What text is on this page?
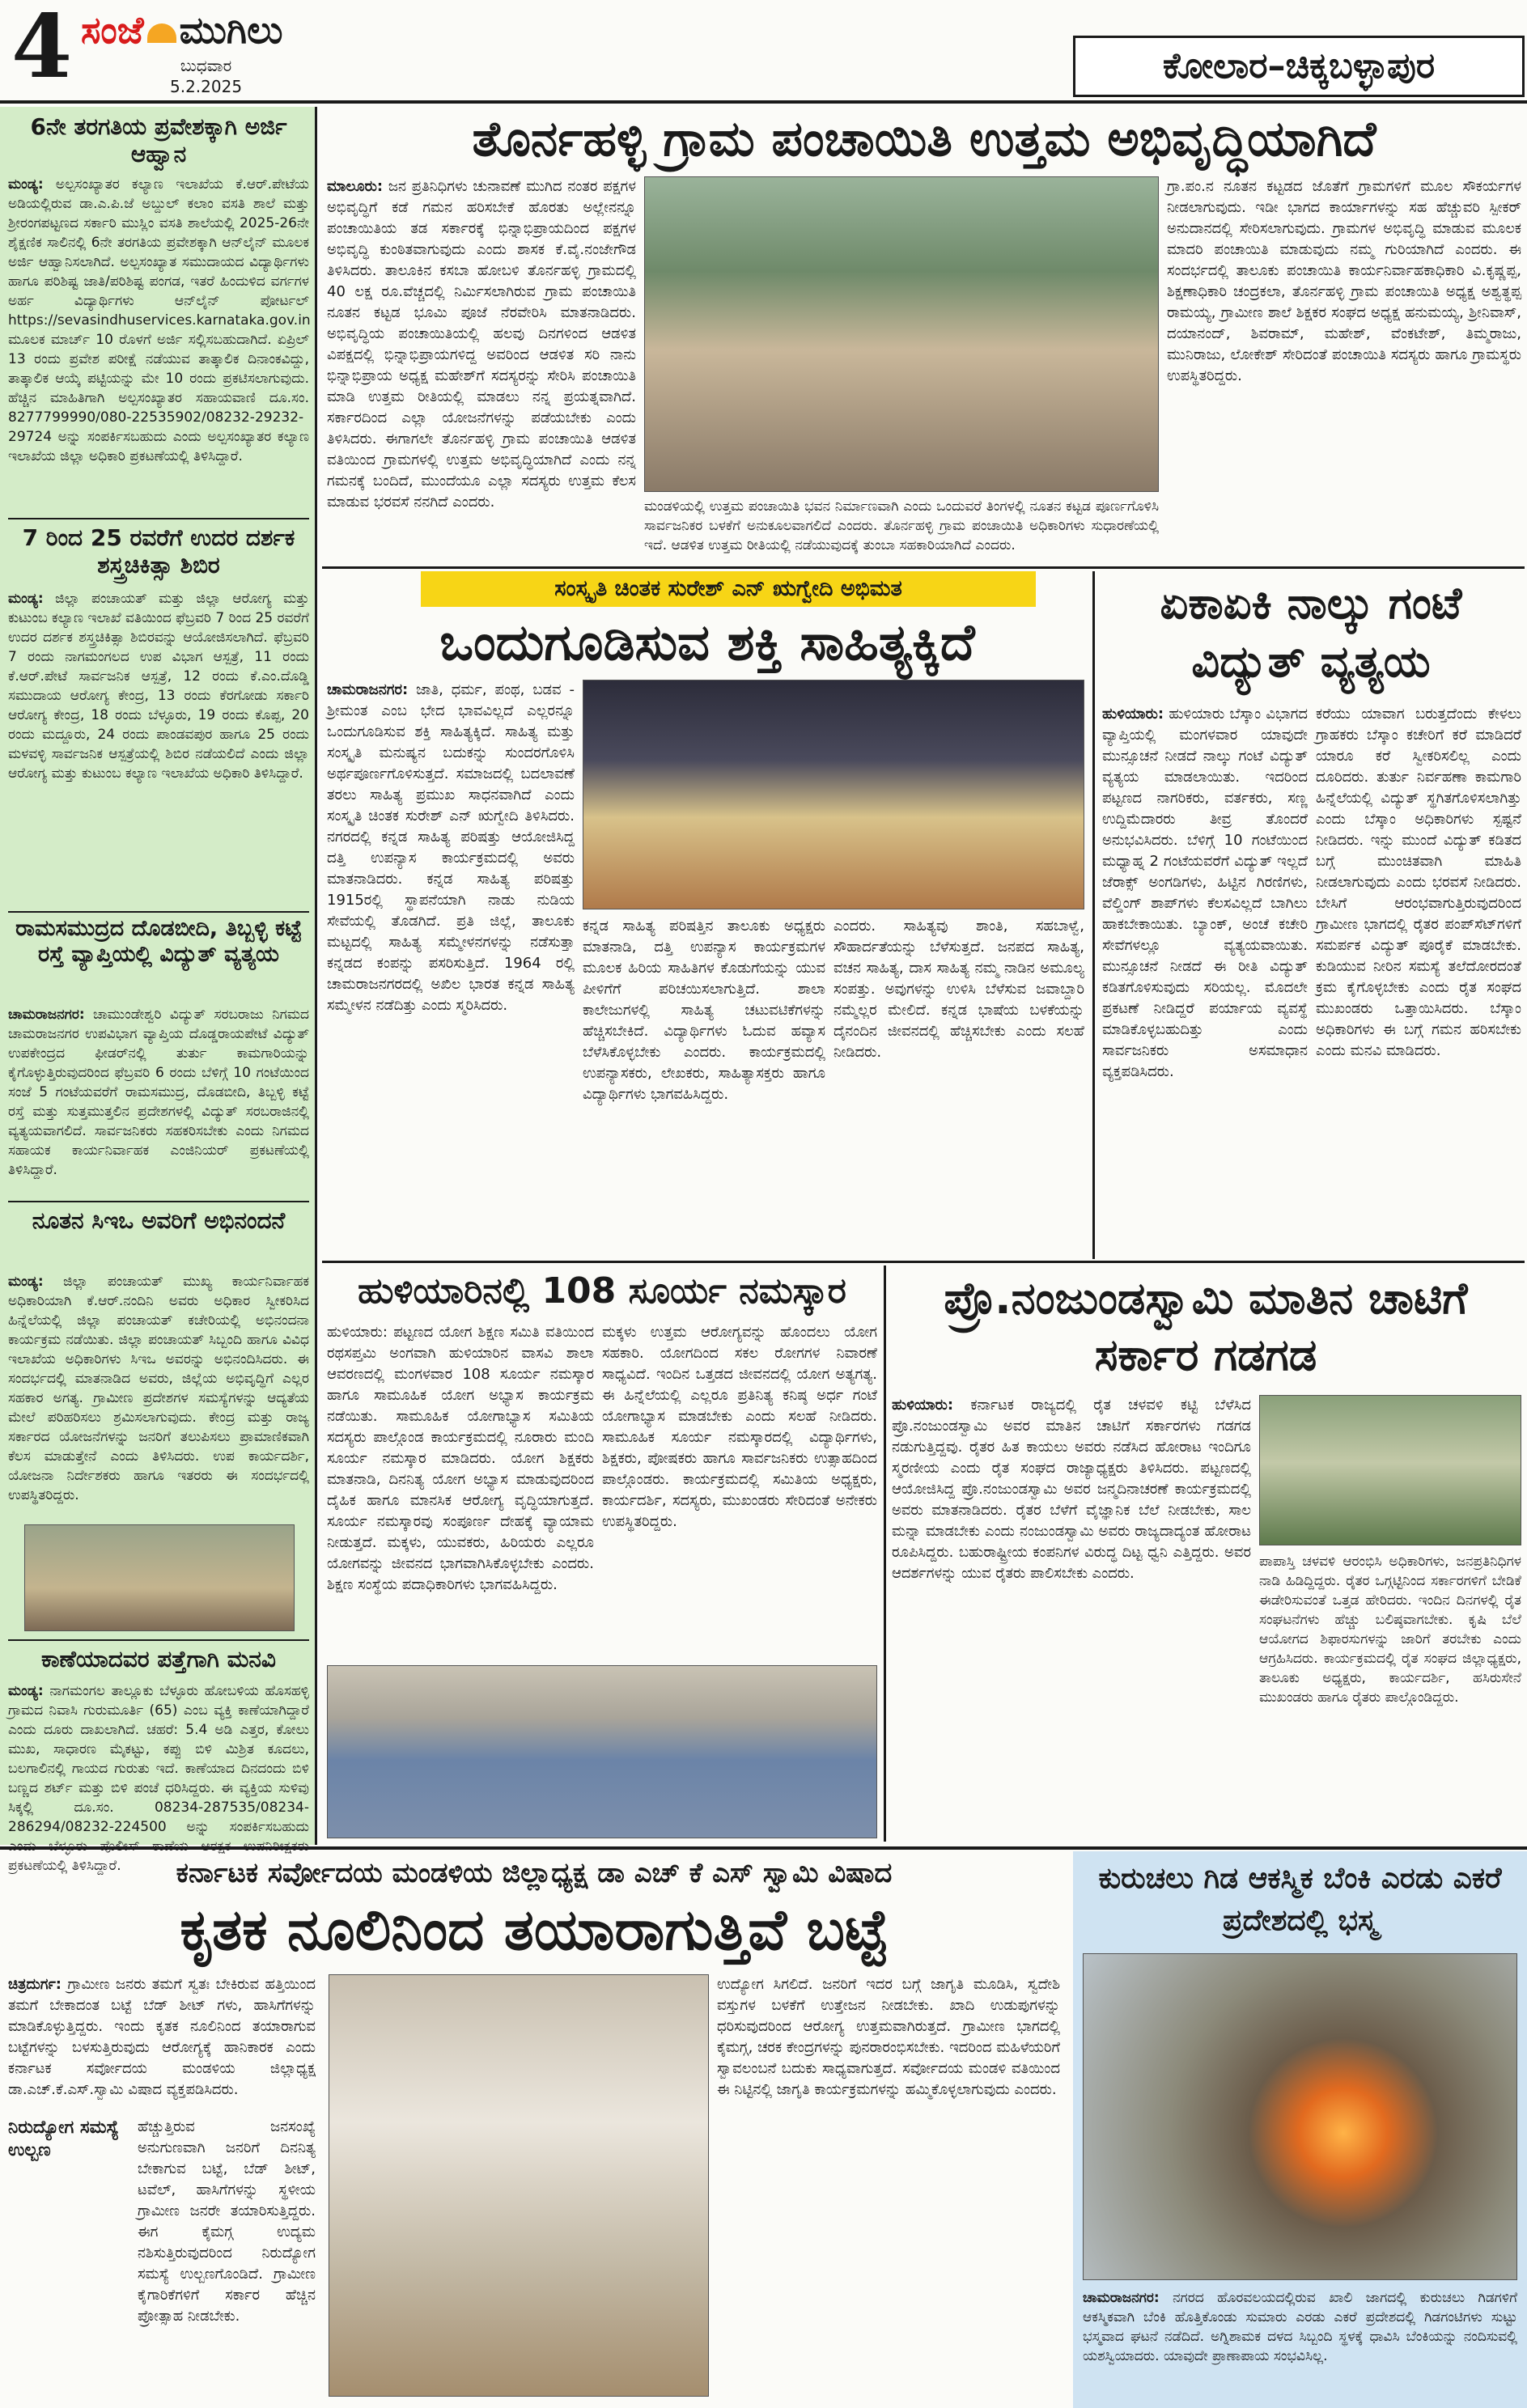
4 ಸಂಜೆ ಮುಗಿಲು
ಬುಧವಾರ
5.2.2025	ಕೋಲಾರ–ಚಿಕ್ಕಬಳ್ಳಾಪುರ
6ನೇ ತರಗತಿಯ ಪ್ರವೇಶಕ್ಕಾಗಿ ಅರ್ಜಿ ಆಹ್ವಾನ
ಮಂಡ್ಯ: ಅಲ್ಪಸಂಖ್ಯಾತರ ಕಲ್ಯಾಣ ಇಲಾಖೆಯ ಕೆ.ಆರ್.ಪೇಟೆಯ ಅಡಿಯಲ್ಲಿರುವ ಡಾ.ಎ.ಪಿ.ಜೆ ಅಬ್ದುಲ್ ಕಲಾಂ ವಸತಿ ಶಾಲೆ ಮತ್ತು ಶ್ರೀರಂಗಪಟ್ಟಣದ ಸರ್ಕಾರಿ ಮುಸ್ಲಿಂ ವಸತಿ ಶಾಲೆಯಲ್ಲಿ 2025-26ನೇ ಶೈಕ್ಷಣಿಕ ಸಾಲಿನಲ್ಲಿ 6ನೇ ತರಗತಿಯ ಪ್ರವೇಶಕ್ಕಾಗಿ ಆನ್‌ಲೈನ್ ಮೂಲಕ ಅರ್ಜಿ ಆಹ್ವಾನಿಸಲಾಗಿದೆ. ಅಲ್ಪಸಂಖ್ಯಾತ ಸಮುದಾಯದ ವಿದ್ಯಾರ್ಥಿಗಳು ಹಾಗೂ ಪರಿಶಿಷ್ಟ ಜಾತಿ/ಪರಿಶಿಷ್ಟ ಪಂಗಡ, ಇತರೆ ಹಿಂದುಳಿದ ವರ್ಗಗಳ ಅರ್ಹ ವಿದ್ಯಾರ್ಥಿಗಳು ಆನ್‌ಲೈನ್ ಪೋರ್ಟಲ್ https://sevasindhuservices.karnataka.gov.in ಮೂಲಕ ಮಾರ್ಚ್ 10 ರೊಳಗೆ ಅರ್ಜಿ ಸಲ್ಲಿಸಬಹುದಾಗಿದೆ. ಏಪ್ರಿಲ್ 13 ರಂದು ಪ್ರವೇಶ ಪರೀಕ್ಷೆ ನಡೆಯುವ ತಾತ್ಕಾಲಿಕ ದಿನಾಂಕವಿದ್ದು, ತಾತ್ಕಾಲಿಕ ಆಯ್ಕೆ ಪಟ್ಟಿಯನ್ನು ಮೇ 10 ರಂದು ಪ್ರಕಟಿಸಲಾಗುವುದು. ಹೆಚ್ಚಿನ ಮಾಹಿತಿಗಾಗಿ ಅಲ್ಪಸಂಖ್ಯಾತರ ಸಹಾಯವಾಣಿ ದೂ.ಸಂ. 8277799990/080-22535902/08232-29232-29724 ಅನ್ನು ಸಂಪರ್ಕಿಸಬಹುದು ಎಂದು ಅಲ್ಪಸಂಖ್ಯಾತರ ಕಲ್ಯಾಣ ಇಲಾಖೆಯ ಜಿಲ್ಲಾ ಅಧಿಕಾರಿ ಪ್ರಕಟಣೆಯಲ್ಲಿ ತಿಳಿಸಿದ್ದಾರೆ.
7 ರಿಂದ 25 ರವರೆಗೆ ಉದರ ದರ್ಶಕ ಶಸ್ತ್ರಚಿಕಿತ್ಸಾ ಶಿಬಿರ
ಮಂಡ್ಯ: ಜಿಲ್ಲಾ ಪಂಚಾಯತ್ ಮತ್ತು ಜಿಲ್ಲಾ ಆರೋಗ್ಯ ಮತ್ತು ಕುಟುಂಬ ಕಲ್ಯಾಣ ಇಲಾಖೆ ವತಿಯಿಂದ ಫೆಬ್ರವರಿ 7 ರಿಂದ 25 ರವರೆಗೆ ಉದರ ದರ್ಶಕ ಶಸ್ತ್ರಚಿಕಿತ್ಸಾ ಶಿಬಿರವನ್ನು ಆಯೋಜಿಸಲಾಗಿದೆ. ಫೆಬ್ರವರಿ 7 ರಂದು ನಾಗಮಂಗಲದ ಉಪ ವಿಭಾಗ ಆಸ್ಪತ್ರೆ, 11 ರಂದು ಕೆ.ಆರ್.ಪೇಟೆ ಸಾರ್ವಜನಿಕ ಆಸ್ಪತ್ರೆ, 12 ರಂದು ಕೆ.ಎಂ.ದೊಡ್ಡಿ ಸಮುದಾಯ ಆರೋಗ್ಯ ಕೇಂದ್ರ, 13 ರಂದು ಕೆರಗೋಡು ಸರ್ಕಾರಿ ಆರೋಗ್ಯ ಕೇಂದ್ರ, 18 ರಂದು ಬೆಳ್ಳೂರು, 19 ರಂದು ಕೊಪ್ಪ, 20 ರಂದು ಮದ್ದೂರು, 24 ರಂದು ಪಾಂಡವಪುರ ಹಾಗೂ 25 ರಂದು ಮಳವಳ್ಳಿ ಸಾರ್ವಜನಿಕ ಆಸ್ಪತ್ರೆಯಲ್ಲಿ ಶಿಬಿರ ನಡೆಯಲಿದೆ ಎಂದು ಜಿಲ್ಲಾ ಆರೋಗ್ಯ ಮತ್ತು ಕುಟುಂಬ ಕಲ್ಯಾಣ ಇಲಾಖೆಯ ಅಧಿಕಾರಿ ತಿಳಿಸಿದ್ದಾರೆ.
ರಾಮಸಮುದ್ರದ ದೊಡಬೀದಿ, ತಿಬ್ಬಳ್ಳಿ ಕಟ್ಟೆ ರಸ್ತೆ ವ್ಯಾಪ್ತಿಯಲ್ಲಿ ವಿದ್ಯುತ್ ವ್ಯತ್ಯಯ
ಚಾಮರಾಜನಗರ: ಚಾಮುಂಡೇಶ್ವರಿ ವಿದ್ಯುತ್ ಸರಬರಾಜು ನಿಗಮದ ಚಾಮರಾಜನಗರ ಉಪವಿಭಾಗ ವ್ಯಾಪ್ತಿಯ ದೊಡ್ಡರಾಯಪೇಟೆ ವಿದ್ಯುತ್ ಉಪಕೇಂದ್ರದ ಫೀಡರ್‌ನಲ್ಲಿ ತುರ್ತು ಕಾಮಗಾರಿಯನ್ನು ಕೈಗೊಳ್ಳುತ್ತಿರುವುದರಿಂದ ಫೆಬ್ರವರಿ 6 ರಂದು ಬೆಳಿಗ್ಗೆ 10 ಗಂಟೆಯಿಂದ ಸಂಜೆ 5 ಗಂಟೆಯವರೆಗೆ ರಾಮಸಮುದ್ರ, ದೊಡಬೀದಿ, ತಿಬ್ಬಳ್ಳಿ ಕಟ್ಟೆ ರಸ್ತೆ ಮತ್ತು ಸುತ್ತಮುತ್ತಲಿನ ಪ್ರದೇಶಗಳಲ್ಲಿ ವಿದ್ಯುತ್ ಸರಬರಾಜಿನಲ್ಲಿ ವ್ಯತ್ಯಯವಾಗಲಿದೆ. ಸಾರ್ವಜನಿಕರು ಸಹಕರಿಸಬೇಕು ಎಂದು ನಿಗಮದ ಸಹಾಯಕ ಕಾರ್ಯನಿರ್ವಾಹಕ ಎಂಜಿನಿಯರ್ ಪ್ರಕಟಣೆಯಲ್ಲಿ ತಿಳಿಸಿದ್ದಾರೆ.
ನೂತನ ಸಿಇಒ ಅವರಿಗೆ ಅಭಿನಂದನೆ
ಮಂಡ್ಯ: ಜಿಲ್ಲಾ ಪಂಚಾಯತ್ ಮುಖ್ಯ ಕಾರ್ಯನಿರ್ವಾಹಕ ಅಧಿಕಾರಿಯಾಗಿ ಕೆ.ಆರ್.ನಂದಿನಿ ಅವರು ಅಧಿಕಾರ ಸ್ವೀಕರಿಸಿದ ಹಿನ್ನೆಲೆಯಲ್ಲಿ ಜಿಲ್ಲಾ ಪಂಚಾಯತ್ ಕಚೇರಿಯಲ್ಲಿ ಅಭಿನಂದನಾ ಕಾರ್ಯಕ್ರಮ ನಡೆಯಿತು. ಜಿಲ್ಲಾ ಪಂಚಾಯತ್ ಸಿಬ್ಬಂದಿ ಹಾಗೂ ವಿವಿಧ ಇಲಾಖೆಯ ಅಧಿಕಾರಿಗಳು ಸಿಇಒ ಅವರನ್ನು ಅಭಿನಂದಿಸಿದರು. ಈ ಸಂದರ್ಭದಲ್ಲಿ ಮಾತನಾಡಿದ ಅವರು, ಜಿಲ್ಲೆಯ ಅಭಿವೃದ್ಧಿಗೆ ಎಲ್ಲರ ಸಹಕಾರ ಅಗತ್ಯ. ಗ್ರಾಮೀಣ ಪ್ರದೇಶಗಳ ಸಮಸ್ಯೆಗಳನ್ನು ಆದ್ಯತೆಯ ಮೇಲೆ ಪರಿಹರಿಸಲು ಶ್ರಮಿಸಲಾಗುವುದು. ಕೇಂದ್ರ ಮತ್ತು ರಾಜ್ಯ ಸರ್ಕಾರದ ಯೋಜನೆಗಳನ್ನು ಜನರಿಗೆ ತಲುಪಿಸಲು ಪ್ರಾಮಾಣಿಕವಾಗಿ ಕೆಲಸ ಮಾಡುತ್ತೇನೆ ಎಂದು ತಿಳಿಸಿದರು. ಉಪ ಕಾರ್ಯದರ್ಶಿ, ಯೋಜನಾ ನಿರ್ದೇಶಕರು ಹಾಗೂ ಇತರರು ಈ ಸಂದರ್ಭದಲ್ಲಿ ಉಪಸ್ಥಿತರಿದ್ದರು.
ಕಾಣೆಯಾದವರ ಪತ್ತೆಗಾಗಿ ಮನವಿ
ಮಂಡ್ಯ: ನಾಗಮಂಗಲ ತಾಲ್ಲೂಕು ಬೆಳ್ಳೂರು ಹೋಬಳಿಯ ಹೊಸಹಳ್ಳಿ ಗ್ರಾಮದ ನಿವಾಸಿ ಗುರುಮೂರ್ತಿ (65) ಎಂಬ ವ್ಯಕ್ತಿ ಕಾಣೆಯಾಗಿದ್ದಾರೆ ಎಂದು ದೂರು ದಾಖಲಾಗಿದೆ. ಚಹರೆ: 5.4 ಅಡಿ ಎತ್ತರ, ಕೋಲು ಮುಖ, ಸಾಧಾರಣ ಮೈಕಟ್ಟು, ಕಪ್ಪು ಬಿಳಿ ಮಿಶ್ರಿತ ಕೂದಲು, ಬಲಗಾಲಿನಲ್ಲಿ ಗಾಯದ ಗುರುತು ಇದೆ. ಕಾಣೆಯಾದ ದಿನದಂದು ಬಿಳಿ ಬಣ್ಣದ ಶರ್ಟ್ ಮತ್ತು ಬಿಳಿ ಪಂಚೆ ಧರಿಸಿದ್ದರು. ಈ ವ್ಯಕ್ತಿಯ ಸುಳಿವು ಸಿಕ್ಕಲ್ಲಿ ದೂ.ಸಂ. 08234-287535/08234-286294/08232-224500 ಅನ್ನು ಸಂಪರ್ಕಿಸಬಹುದು ಪ್ರಕಟಣೆಯಲ್ಲಿ ತಿಳಿಸಿದ್ದಾರೆ.
ತೊರ್ನಹಳ್ಳಿ ಗ್ರಾಮ ಪಂಚಾಯಿತಿ ಉತ್ತಮ ಅಭಿವೃದ್ಧಿಯಾಗಿದೆ
ಮಾಲೂರು: ಜನ ಪ್ರತಿನಿಧಿಗಳು ಚುನಾವಣೆ ಮುಗಿದ ನಂತರ ಪಕ್ಷಗಳ ಅಭಿವೃದ್ಧಿಗೆ ಕಡೆ ಗಮನ ಹರಿಸಬೇಕೆ ಹೊರತು ಅಲ್ಲೇನನ್ನೂ ಪಂಚಾಯಿತಿಯ ತಡ ಸರ್ಕಾರಕ್ಕೆ ಭಿನ್ನಾಭಿಪ್ರಾಯದಿಂದ ಪಕ್ಷಗಳ ಅಭಿವೃದ್ಧಿ ಕುಂಠಿತವಾಗುವುದು ಎಂದು ಶಾಸಕ ಕೆ.ವೈ.ನಂಜೇಗೌಡ ತಿಳಿಸಿದರು. ತಾಲೂಕಿನ ಕಸಬಾ ಹೋಬಳಿ ತೊರ್ನಹಳ್ಳಿ ಗ್ರಾಮದಲ್ಲಿ 40 ಲಕ್ಷ ರೂ.ವೆಚ್ಚದಲ್ಲಿ ನಿರ್ಮಿಸಲಾಗಿರುವ ಗ್ರಾಮ ಪಂಚಾಯಿತಿ ನೂತನ ಕಟ್ಟಡ ಭೂಮಿ ಪೂಜೆ ನೆರವೇರಿಸಿ ಮಾತನಾಡಿದರು. ಅಭಿವೃದ್ಧಿಯ ಪಂಚಾಯಿತಿಯಲ್ಲಿ ಹಲವು ದಿನಗಳಿಂದ ಆಡಳಿತ ವಿಪಕ್ಷದಲ್ಲಿ ಭಿನ್ನಾಭಿಪ್ರಾಯಗಳಿದ್ದ ಅವರಿಂದ ಆಡಳಿತ ಸರಿ ನಾನು ಭಿನ್ನಾಭಿಪ್ರಾಯ ಅಧ್ಯಕ್ಷ ಮಹೇಶ್‌ಗೆ ಸದಸ್ಯರನ್ನು ಸೇರಿಸಿ ಪಂಚಾಯಿತಿ ಮಾಡಿ ಉತ್ತಮ ರೀತಿಯಲ್ಲಿ ಮಾಡಲು ನನ್ನ ಪ್ರಯತ್ನವಾಗಿದೆ. ಸರ್ಕಾರದಿಂದ ಎಲ್ಲಾ ಯೋಜನೆಗಳನ್ನು ಪಡೆಯಬೇಕು ಎಂದು ತಿಳಿಸಿದರು. ಈಗಾಗಲೇ ತೊರ್ನಹಳ್ಳಿ ಗ್ರಾಮ ಪಂಚಾಯಿತಿ ಆಡಳಿತ ವತಿಯಿಂದ ಗ್ರಾಮಗಳಲ್ಲಿ ಉತ್ತಮ ಅಭಿವೃದ್ಧಿಯಾಗಿದೆ ಎಂದು ನನ್ನ ಗಮನಕ್ಕೆ ಬಂದಿದೆ, ಮುಂದೆಯೂ ಎಲ್ಲಾ ಸದಸ್ಯರು ಉತ್ತಮ ಕೆಲಸ ಮಾಡುವ ಭರವಸೆ ನನಗಿದೆ ಎಂದರು.	ಮಂಡಳಿಯಲ್ಲಿ ಉತ್ತಮ ಪಂಚಾಯಿತಿ ಭವನ ನಿರ್ಮಾಣವಾಗಿ ಎಂದು ಒಂದುವರೆ ತಿಂಗಳಲ್ಲಿ ನೂತನ ಕಟ್ಟಡ ಪೂರ್ಣಗೊಳಿಸಿ ಸಾರ್ವಜನಿಕರ ಬಳಕೆಗೆ ಅನುಕೂಲವಾಗಲಿದೆ ಎಂದರು. ತೊರ್ನಹಳ್ಳಿ ಗ್ರಾಮ ಪಂಚಾಯಿತಿ ಅಧಿಕಾರಿಗಳು ಸುಧಾರಣೆಯಲ್ಲಿ ಇದೆ. ಆಡಳಿತ ಉತ್ತಮ ರೀತಿಯಲ್ಲಿ ನಡೆಯುವುದಕ್ಕೆ ತುಂಬಾ ಸಹಕಾರಿಯಾಗಿದೆ ಎಂದರು.
ಗ್ರಾ.ಪಂ.ನ ನೂತನ ಕಟ್ಟಡದ ಜೊತೆಗೆ ಗ್ರಾಮಗಳಿಗೆ ಮೂಲ ಸೌಕರ್ಯಗಳ ನೀಡಲಾಗುವುದು. ಇಡೀ ಭಾಗದ ಕಾರ್ಯಾಗಳನ್ನು ಸಹ ಹೆಚ್ಚುವರಿ ಸ್ಪೀಕರ್ ಅನುದಾನದಲ್ಲಿ ಸೇರಿಸಲಾಗುವುದು. ಗ್ರಾಮಗಳ ಅಭಿವೃದ್ಧಿ ಮಾಡುವ ಮೂಲಕ ಮಾದರಿ ಪಂಚಾಯಿತಿ ಮಾಡುವುದು ನಮ್ಮ ಗುರಿಯಾಗಿದೆ ಎಂದರು. ಈ ಸಂದರ್ಭದಲ್ಲಿ ತಾಲೂಕು ಪಂಚಾಯಿತಿ ಕಾರ್ಯನಿರ್ವಾಹಕಾಧಿಕಾರಿ ವಿ.ಕೃಷ್ಣಪ್ಪ, ಶಿಕ್ಷಣಾಧಿಕಾರಿ ಚಂದ್ರಕಲಾ, ತೊರ್ನಹಳ್ಳಿ ಗ್ರಾಮ ಪಂಚಾಯಿತಿ ಅಧ್ಯಕ್ಷ ಅಶ್ವತ್ಥಪ್ಪ ರಾಮಯ್ಯ, ಗ್ರಾಮೀಣ ಶಾಲೆ ಶಿಕ್ಷಕರ ಸಂಘದ ಅಧ್ಯಕ್ಷ ಹನುಮಯ್ಯ, ಶ್ರೀನಿವಾಸ್, ದಯಾನಂದ್, ಶಿವರಾಮ್, ಮಹೇಶ್, ವೆಂಕಟೇಶ್, ತಿಮ್ಮರಾಜು, ಮುನಿರಾಜು, ಲೋಕೇಶ್ ಸೇರಿದಂತೆ ಪಂಚಾಯಿತಿ ಸದಸ್ಯರು ಹಾಗೂ ಗ್ರಾಮಸ್ಥರು ಉಪಸ್ಥಿತರಿದ್ದರು.
ಸಂಸ್ಕೃತಿ ಚಿಂತಕ ಸುರೇಶ್ ಎನ್ ಋಗ್ವೇದಿ ಅಭಿಮತ
ಒಂದುಗೂಡಿಸುವ ಶಕ್ತಿ ಸಾಹಿತ್ಯಕ್ಕಿದೆ
ಚಾಮರಾಜನಗರ: ಜಾತಿ, ಧರ್ಮ, ಪಂಥ, ಬಡವ - ಶ್ರೀಮಂತ ಎಂಬ ಭೇದ ಭಾವವಿಲ್ಲದೆ ಎಲ್ಲರನ್ನೂ ಒಂದುಗೂಡಿಸುವ ಶಕ್ತಿ ಸಾಹಿತ್ಯಕ್ಕಿದೆ. ಸಾಹಿತ್ಯ ಮತ್ತು ಸಂಸ್ಕೃತಿ ಮನುಷ್ಯನ ಬದುಕನ್ನು ಸುಂದರಗೊಳಿಸಿ ಅರ್ಥಪೂರ್ಣಗೊಳಿಸುತ್ತದೆ. ಸಮಾಜದಲ್ಲಿ ಬದಲಾವಣೆ ತರಲು ಸಾಹಿತ್ಯ ಪ್ರಮುಖ ಸಾಧನವಾಗಿದೆ ಎಂದು ಸಂಸ್ಕೃತಿ ಚಿಂತಕ ಸುರೇಶ್ ಎನ್ ಋಗ್ವೇದಿ ತಿಳಿಸಿದರು. ನಗರದಲ್ಲಿ ಕನ್ನಡ ಸಾಹಿತ್ಯ ಪರಿಷತ್ತು ಆಯೋಜಿಸಿದ್ದ ದತ್ತಿ ಉಪನ್ಯಾಸ ಕಾರ್ಯಕ್ರಮದಲ್ಲಿ ಅವರು ಮಾತನಾಡಿದರು. ಕನ್ನಡ ಸಾಹಿತ್ಯ ಪರಿಷತ್ತು 1915ರಲ್ಲಿ ಸ್ಥಾಪನೆಯಾಗಿ ನಾಡು ನುಡಿಯ ಸೇವೆಯಲ್ಲಿ ತೊಡಗಿದೆ. ಪ್ರತಿ ಜಿಲ್ಲೆ, ತಾಲೂಕು ಮಟ್ಟದಲ್ಲಿ ಸಾಹಿತ್ಯ ಸಮ್ಮೇಳನಗಳನ್ನು ನಡೆಸುತ್ತಾ ಕನ್ನಡದ ಕಂಪನ್ನು ಪಸರಿಸುತ್ತಿದೆ. 1964 ರಲ್ಲಿ ಚಾಮರಾಜನಗರದಲ್ಲಿ ಅಖಿಲ ಭಾರತ ಕನ್ನಡ ಸಾಹಿತ್ಯ ಸಮ್ಮೇಳನ ನಡೆದಿತ್ತು ಎಂದು ಸ್ಮರಿಸಿದರು.
ಕನ್ನಡ ಸಾಹಿತ್ಯ ಪರಿಷತ್ತಿನ ತಾಲೂಕು ಅಧ್ಯಕ್ಷರು ಮಾತನಾಡಿ, ದತ್ತಿ ಉಪನ್ಯಾಸ ಕಾರ್ಯಕ್ರಮಗಳ ಮೂಲಕ ಹಿರಿಯ ಸಾಹಿತಿಗಳ ಕೊಡುಗೆಯನ್ನು ಯುವ ಪೀಳಿಗೆಗೆ ಪರಿಚಯಿಸಲಾಗುತ್ತಿದೆ. ಶಾಲಾ ಕಾಲೇಜುಗಳಲ್ಲಿ ಸಾಹಿತ್ಯ ಚಟುವಟಿಕೆಗಳನ್ನು ಹೆಚ್ಚಿಸಬೇಕಿದೆ. ವಿದ್ಯಾರ್ಥಿಗಳು ಓದುವ ಹವ್ಯಾಸ ಬೆಳೆಸಿಕೊಳ್ಳಬೇಕು ಎಂದರು. ಕಾರ್ಯಕ್ರಮದಲ್ಲಿ ಉಪನ್ಯಾಸಕರು, ಲೇಖಕರು, ಸಾಹಿತ್ಯಾಸಕ್ತರು ಹಾಗೂ ವಿದ್ಯಾರ್ಥಿಗಳು ಭಾಗವಹಿಸಿದ್ದರು.
ಎಂದರು. ಸಾಹಿತ್ಯವು ಶಾಂತಿ, ಸಹಬಾಳ್ವೆ, ಸೌಹಾರ್ದತೆಯನ್ನು ಬೆಳೆಸುತ್ತದೆ. ಜನಪದ ಸಾಹಿತ್ಯ, ವಚನ ಸಾಹಿತ್ಯ, ದಾಸ ಸಾಹಿತ್ಯ ನಮ್ಮ ನಾಡಿನ ಅಮೂಲ್ಯ ಸಂಪತ್ತು. ಅವುಗಳನ್ನು ಉಳಿಸಿ ಬೆಳೆಸುವ ಜವಾಬ್ದಾರಿ ನಮ್ಮೆಲ್ಲರ ಮೇಲಿದೆ. ಕನ್ನಡ ಭಾಷೆಯ ಬಳಕೆಯನ್ನು ದೈನಂದಿನ ಜೀವನದಲ್ಲಿ ಹೆಚ್ಚಿಸಬೇಕು ಎಂದು ಸಲಹೆ ನೀಡಿದರು.
ಏಕಾಏಕಿ ನಾಲ್ಕು ಗಂಟೆ ವಿದ್ಯುತ್ ವ್ಯತ್ಯಯ
ಹುಳಿಯಾರು: ಹುಳಿಯಾರು ಬೆಸ್ಕಾಂ ವಿಭಾಗದ ವ್ಯಾಪ್ತಿಯಲ್ಲಿ ಮಂಗಳವಾರ ಯಾವುದೇ ಮುನ್ಸೂಚನೆ ನೀಡದೆ ನಾಲ್ಕು ಗಂಟೆ ವಿದ್ಯುತ್ ವ್ಯತ್ಯಯ ಮಾಡಲಾಯಿತು. ಇದರಿಂದ ಪಟ್ಟಣದ ನಾಗರಿಕರು, ವರ್ತಕರು, ಸಣ್ಣ ಉದ್ದಿಮೆದಾರರು ತೀವ್ರ ತೊಂದರೆ ಅನುಭವಿಸಿದರು. ಬೆಳಿಗ್ಗೆ 10 ಗಂಟೆಯಿಂದ ಮಧ್ಯಾಹ್ನ 2 ಗಂಟೆಯವರೆಗೆ ವಿದ್ಯುತ್ ಇಲ್ಲದೆ ಜೆರಾಕ್ಸ್ ಅಂಗಡಿಗಳು, ಹಿಟ್ಟಿನ ಗಿರಣಿಗಳು, ವೆಲ್ಡಿಂಗ್ ಶಾಪ್‌ಗಳು ಕೆಲಸವಿಲ್ಲದೆ ಬಾಗಿಲು ಹಾಕಬೇಕಾಯಿತು. ಬ್ಯಾಂಕ್, ಅಂಚೆ ಕಚೇರಿ ಸೇವೆಗಳಲ್ಲೂ ವ್ಯತ್ಯಯವಾಯಿತು. ಮುನ್ಸೂಚನೆ ನೀಡದೆ ಈ ರೀತಿ ವಿದ್ಯುತ್ ಕಡಿತಗೊಳಿಸುವುದು ಸರಿಯಲ್ಲ. ಮೊದಲೇ ಪ್ರಕಟಣೆ ನೀಡಿದ್ದರೆ ಪರ್ಯಾಯ ವ್ಯವಸ್ಥೆ ಮಾಡಿಕೊಳ್ಳಬಹುದಿತ್ತು ಎಂದು ಸಾರ್ವಜನಿಕರು ಅಸಮಾಧಾನ ವ್ಯಕ್ತಪಡಿಸಿದರು.
ಕರೆಯು ಯಾವಾಗ ಬರುತ್ತದೆಂದು ಕೇಳಲು ಗ್ರಾಹಕರು ಬೆಸ್ಕಾಂ ಕಚೇರಿಗೆ ಕರೆ ಮಾಡಿದರೆ ಯಾರೂ ಕರೆ ಸ್ವೀಕರಿಸಲಿಲ್ಲ ಎಂದು ದೂರಿದರು. ತುರ್ತು ನಿರ್ವಹಣಾ ಕಾಮಗಾರಿ ಹಿನ್ನೆಲೆಯಲ್ಲಿ ವಿದ್ಯುತ್ ಸ್ಥಗಿತಗೊಳಿಸಲಾಗಿತ್ತು ಎಂದು ಬೆಸ್ಕಾಂ ಅಧಿಕಾರಿಗಳು ಸ್ಪಷ್ಟನೆ ನೀಡಿದರು. ಇನ್ನು ಮುಂದೆ ವಿದ್ಯುತ್ ಕಡಿತದ ಬಗ್ಗೆ ಮುಂಚಿತವಾಗಿ ಮಾಹಿತಿ ನೀಡಲಾಗುವುದು ಎಂದು ಭರವಸೆ ನೀಡಿದರು. ಬೇಸಿಗೆ ಆರಂಭವಾಗುತ್ತಿರುವುದರಿಂದ ಗ್ರಾಮೀಣ ಭಾಗದಲ್ಲಿ ರೈತರ ಪಂಪ್‌ಸೆಟ್‌ಗಳಿಗೆ ಸಮರ್ಪಕ ವಿದ್ಯುತ್ ಪೂರೈಕೆ ಮಾಡಬೇಕು. ಕುಡಿಯುವ ನೀರಿನ ಸಮಸ್ಯೆ ತಲೆದೋರದಂತೆ ಕ್ರಮ ಕೈಗೊಳ್ಳಬೇಕು ಎಂದು ರೈತ ಸಂಘದ ಮುಖಂಡರು ಒತ್ತಾಯಿಸಿದರು. ಬೆಸ್ಕಾಂ ಅಧಿಕಾರಿಗಳು ಈ ಬಗ್ಗೆ ಗಮನ ಹರಿಸಬೇಕು ಎಂದು ಮನವಿ ಮಾಡಿದರು.
ಹುಳಿಯಾರಿನಲ್ಲಿ 108 ಸೂರ್ಯ ನಮಸ್ಕಾರ
ಹುಳಿಯಾರು: ಪಟ್ಟಣದ ಯೋಗ ಶಿಕ್ಷಣ ಸಮಿತಿ ವತಿಯಿಂದ ರಥಸಪ್ತಮಿ ಅಂಗವಾಗಿ ಹುಳಿಯಾರಿನ ವಾಸವಿ ಶಾಲಾ ಆವರಣದಲ್ಲಿ ಮಂಗಳವಾರ 108 ಸೂರ್ಯ ನಮಸ್ಕಾರ ಹಾಗೂ ಸಾಮೂಹಿಕ ಯೋಗ ಅಭ್ಯಾಸ ಕಾರ್ಯಕ್ರಮ ನಡೆಯಿತು. ಸಾಮೂಹಿಕ ಯೋಗಾಭ್ಯಾಸ ಸಮಿತಿಯ ಸದಸ್ಯರು ಪಾಲ್ಗೊಂಡ ಕಾರ್ಯಕ್ರಮದಲ್ಲಿ ನೂರಾರು ಮಂದಿ ಸೂರ್ಯ ನಮಸ್ಕಾರ ಮಾಡಿದರು. ಯೋಗ ಶಿಕ್ಷಕರು ಮಾತನಾಡಿ, ದಿನನಿತ್ಯ ಯೋಗ ಅಭ್ಯಾಸ ಮಾಡುವುದರಿಂದ ದೈಹಿಕ ಹಾಗೂ ಮಾನಸಿಕ ಆರೋಗ್ಯ ವೃದ್ಧಿಯಾಗುತ್ತದೆ. ಸೂರ್ಯ ನಮಸ್ಕಾರವು ಸಂಪೂರ್ಣ ದೇಹಕ್ಕೆ ವ್ಯಾಯಾಮ ನೀಡುತ್ತದೆ. ಮಕ್ಕಳು, ಯುವಕರು, ಹಿರಿಯರು ಎಲ್ಲರೂ ಯೋಗವನ್ನು ಜೀವನದ ಭಾಗವಾಗಿಸಿಕೊಳ್ಳಬೇಕು ಎಂದರು. ಶಿಕ್ಷಣ ಸಂಸ್ಥೆಯ ಪದಾಧಿಕಾರಿಗಳು ಭಾಗವಹಿಸಿದ್ದರು.
ಮಕ್ಕಳು ಉತ್ತಮ ಆರೋಗ್ಯವನ್ನು ಹೊಂದಲು ಯೋಗ ಸಹಕಾರಿ. ಯೋಗದಿಂದ ಸಕಲ ರೋಗಗಳ ನಿವಾರಣೆ ಸಾಧ್ಯವಿದೆ. ಇಂದಿನ ಒತ್ತಡದ ಜೀವನದಲ್ಲಿ ಯೋಗ ಅತ್ಯಗತ್ಯ. ಈ ಹಿನ್ನೆಲೆಯಲ್ಲಿ ಎಲ್ಲರೂ ಪ್ರತಿನಿತ್ಯ ಕನಿಷ್ಠ ಅರ್ಧ ಗಂಟೆ ಯೋಗಾಭ್ಯಾಸ ಮಾಡಬೇಕು ಎಂದು ಸಲಹೆ ನೀಡಿದರು. ಸಾಮೂಹಿಕ ಸೂರ್ಯ ನಮಸ್ಕಾರದಲ್ಲಿ ವಿದ್ಯಾರ್ಥಿಗಳು, ಶಿಕ್ಷಕರು, ಪೋಷಕರು ಹಾಗೂ ಸಾರ್ವಜನಿಕರು ಉತ್ಸಾಹದಿಂದ ಪಾಲ್ಗೊಂಡರು. ಕಾರ್ಯಕ್ರಮದಲ್ಲಿ ಸಮಿತಿಯ ಅಧ್ಯಕ್ಷರು, ಕಾರ್ಯದರ್ಶಿ, ಸದಸ್ಯರು, ಮುಖಂಡರು ಸೇರಿದಂತೆ ಅನೇಕರು ಉಪಸ್ಥಿತರಿದ್ದರು.
ಪ್ರೊ.ನಂಜುಂಡಸ್ವಾಮಿ ಮಾತಿನ ಚಾಟಿಗೆ ಸರ್ಕಾರ ಗಡಗಡ
ಹುಳಿಯಾರು: ಕರ್ನಾಟಕ ರಾಜ್ಯದಲ್ಲಿ ರೈತ ಚಳವಳಿ ಕಟ್ಟಿ ಬೆಳೆಸಿದ ಪ್ರೊ.ನಂಜುಂಡಸ್ವಾಮಿ ಅವರ ಮಾತಿನ ಚಾಟಿಗೆ ಸರ್ಕಾರಗಳು ಗಡಗಡ ನಡುಗುತ್ತಿದ್ದವು. ರೈತರ ಹಿತ ಕಾಯಲು ಅವರು ನಡೆಸಿದ ಹೋರಾಟ ಇಂದಿಗೂ ಸ್ಮರಣೀಯ ಎಂದು ರೈತ ಸಂಘದ ರಾಜ್ಯಾಧ್ಯಕ್ಷರು ತಿಳಿಸಿದರು. ಪಟ್ಟಣದಲ್ಲಿ ಆಯೋಜಿಸಿದ್ದ ಪ್ರೊ.ನಂಜುಂಡಸ್ವಾಮಿ ಅವರ ಜನ್ಮದಿನಾಚರಣೆ ಕಾರ್ಯಕ್ರಮದಲ್ಲಿ ಅವರು ಮಾತನಾಡಿದರು. ರೈತರ ಬೆಳೆಗೆ ವೈಜ್ಞಾನಿಕ ಬೆಲೆ ನೀಡಬೇಕು, ಸಾಲ ಮನ್ನಾ ಮಾಡಬೇಕು ಎಂದು ನಂಜುಂಡಸ್ವಾಮಿ ಅವರು ರಾಜ್ಯದಾದ್ಯಂತ ಹೋರಾಟ ರೂಪಿಸಿದ್ದರು. ಬಹುರಾಷ್ಟ್ರೀಯ ಕಂಪನಿಗಳ ವಿರುದ್ಧ ದಿಟ್ಟ ಧ್ವನಿ ಎತ್ತಿದ್ದರು. ಅವರ ಆದರ್ಶಗಳನ್ನು ಯುವ ರೈತರು ಪಾಲಿಸಬೇಕು ಎಂದರು.
ಪಾಪಾಸ್ತಿ ಚಳವಳಿ ಆರಂಭಿಸಿ ಅಧಿಕಾರಿಗಳು, ಜನಪ್ರತಿನಿಧಿಗಳ ನಾಡಿ ಹಿಡಿದ್ದಿದ್ದರು. ರೈತರ ಒಗ್ಗಟ್ಟಿನಿಂದ ಸರ್ಕಾರಗಳಿಗೆ ಬೇಡಿಕೆ ಈಡೇರಿಸುವಂತೆ ಒತ್ತಡ ಹೇರಿದರು. ಇಂದಿನ ದಿನಗಳಲ್ಲಿ ರೈತ ಸಂಘಟನೆಗಳು ಹೆಚ್ಚು ಬಲಿಷ್ಠವಾಗಬೇಕು. ಕೃಷಿ ಬೆಲೆ ಆಯೋಗದ ಶಿಫಾರಸುಗಳನ್ನು ಜಾರಿಗೆ ತರಬೇಕು ಎಂದು ಆಗ್ರಹಿಸಿದರು. ಕಾರ್ಯಕ್ರಮದಲ್ಲಿ ರೈತ ಸಂಘದ ಜಿಲ್ಲಾಧ್ಯಕ್ಷರು, ತಾಲೂಕು ಅಧ್ಯಕ್ಷರು, ಕಾರ್ಯದರ್ಶಿ, ಹಸಿರುಸೇನೆ ಮುಖಂಡರು ಹಾಗೂ ರೈತರು ಪಾಲ್ಗೊಂಡಿದ್ದರು.
ಕರ್ನಾಟಕ ಸರ್ವೋದಯ ಮಂಡಳಿಯ ಜಿಲ್ಲಾಧ್ಯಕ್ಷ ಡಾ ಎಚ್ ಕೆ ಎಸ್ ಸ್ವಾಮಿ ವಿಷಾದ
ಕೃತಕ ನೂಲಿನಿಂದ ತಯಾರಾಗುತ್ತಿವೆ ಬಟ್ಟೆ
ಚಿತ್ರದುರ್ಗ: ಗ್ರಾಮೀಣ ಜನರು ತಮಗೆ ಸ್ವತಃ ಬೇಕಿರುವ ಹತ್ತಿಯಿಂದ ತಮಗೆ ಬೇಕಾದಂತ ಬಟ್ಟೆ ಬೆಡ್ ಶೀಟ್ ಗಳು, ಹಾಸಿಗೆಗಳನ್ನು ಮಾಡಿಕೊಳ್ಳುತ್ತಿದ್ದರು. ಇಂದು ಕೃತಕ ನೂಲಿನಿಂದ ತಯಾರಾಗುವ ಬಟ್ಟೆಗಳನ್ನು ಬಳಸುತ್ತಿರುವುದು ಆರೋಗ್ಯಕ್ಕೆ ಹಾನಿಕಾರಕ ಎಂದು ಕರ್ನಾಟಕ ಸರ್ವೋದಯ ಮಂಡಳಿಯ ಜಿಲ್ಲಾಧ್ಯಕ್ಷ ಡಾ.ಎಚ್.ಕೆ.ಎಸ್.ಸ್ವಾಮಿ ವಿಷಾದ ವ್ಯಕ್ತಪಡಿಸಿದರು.
ನಿರುದ್ಯೋಗ ಸಮಸ್ಯೆ ಉಲ್ಬಣ
ಹೆಚ್ಚುತ್ತಿರುವ ಜನಸಂಖ್ಯೆ ಅನುಗುಣವಾಗಿ ಜನರಿಗೆ ದಿನನಿತ್ಯ ಬೇಕಾಗುವ ಬಟ್ಟೆ, ಬೆಡ್ ಶೀಟ್, ಟವೆಲ್, ಹಾಸಿಗೆಗಳನ್ನು ಸ್ಥಳೀಯ ಗ್ರಾಮೀಣ ಜನರೇ ತಯಾರಿಸುತ್ತಿದ್ದರು. ಈಗ ಕೈಮಗ್ಗ ಉದ್ಯಮ ನಶಿಸುತ್ತಿರುವುದರಿಂದ ನಿರುದ್ಯೋಗ ಸಮಸ್ಯೆ ಉಲ್ಬಣಗೊಂಡಿದೆ. ಗ್ರಾಮೀಣ ಕೈಗಾರಿಕೆಗಳಿಗೆ ಸರ್ಕಾರ ಹೆಚ್ಚಿನ ಪ್ರೋತ್ಸಾಹ ನೀಡಬೇಕು.
ಉದ್ಯೋಗ ಸಿಗಲಿದೆ. ಜನರಿಗೆ ಇದರ ಬಗ್ಗೆ ಜಾಗೃತಿ ಮೂಡಿಸಿ, ಸ್ವದೇಶಿ ವಸ್ತುಗಳ ಬಳಕೆಗೆ ಉತ್ತೇಜನ ನೀಡಬೇಕು. ಖಾದಿ ಉಡುಪುಗಳನ್ನು ಧರಿಸುವುದರಿಂದ ಆರೋಗ್ಯ ಉತ್ತಮವಾಗಿರುತ್ತದೆ. ಗ್ರಾಮೀಣ ಭಾಗದಲ್ಲಿ ಕೈಮಗ್ಗ, ಚರಕ ಕೇಂದ್ರಗಳನ್ನು ಪುನರಾರಂಭಿಸಬೇಕು. ಇದರಿಂದ ಮಹಿಳೆಯರಿಗೆ ಸ್ವಾವಲಂಬನೆ ಬದುಕು ಸಾಧ್ಯವಾಗುತ್ತದೆ. ಸರ್ವೋದಯ ಮಂಡಳಿ ವತಿಯಿಂದ ಈ ನಿಟ್ಟಿನಲ್ಲಿ ಜಾಗೃತಿ ಕಾರ್ಯಕ್ರಮಗಳನ್ನು ಹಮ್ಮಿಕೊಳ್ಳಲಾಗುವುದು ಎಂದರು.
ಕುರುಚಲು ಗಿಡ ಆಕಸ್ಮಿಕ ಬೆಂಕಿ ಎರಡು ಎಕರೆ ಪ್ರದೇಶದಲ್ಲಿ ಭಸ್ಮ
ಚಾಮರಾಜನಗರ: ನಗರದ ಹೊರವಲಯದಲ್ಲಿರುವ ಖಾಲಿ ಜಾಗದಲ್ಲಿ ಕುರುಚಲು ಗಿಡಗಳಿಗೆ ಆಕಸ್ಮಿಕವಾಗಿ ಬೆಂಕಿ ಹೊತ್ತಿಕೊಂಡು ಸುಮಾರು ಎರಡು ಎಕರೆ ಪ್ರದೇಶದಲ್ಲಿ ಗಿಡಗಂಟಿಗಳು ಸುಟ್ಟು ಭಸ್ಮವಾದ ಘಟನೆ ನಡೆದಿದೆ. ಅಗ್ನಿಶಾಮಕ ದಳದ ಸಿಬ್ಬಂದಿ ಸ್ಥಳಕ್ಕೆ ಧಾವಿಸಿ ಬೆಂಕಿಯನ್ನು ನಂದಿಸುವಲ್ಲಿ ಯಶಸ್ವಿಯಾದರು. ಯಾವುದೇ ಪ್ರಾಣಾಪಾಯ ಸಂಭವಿಸಿಲ್ಲ.
